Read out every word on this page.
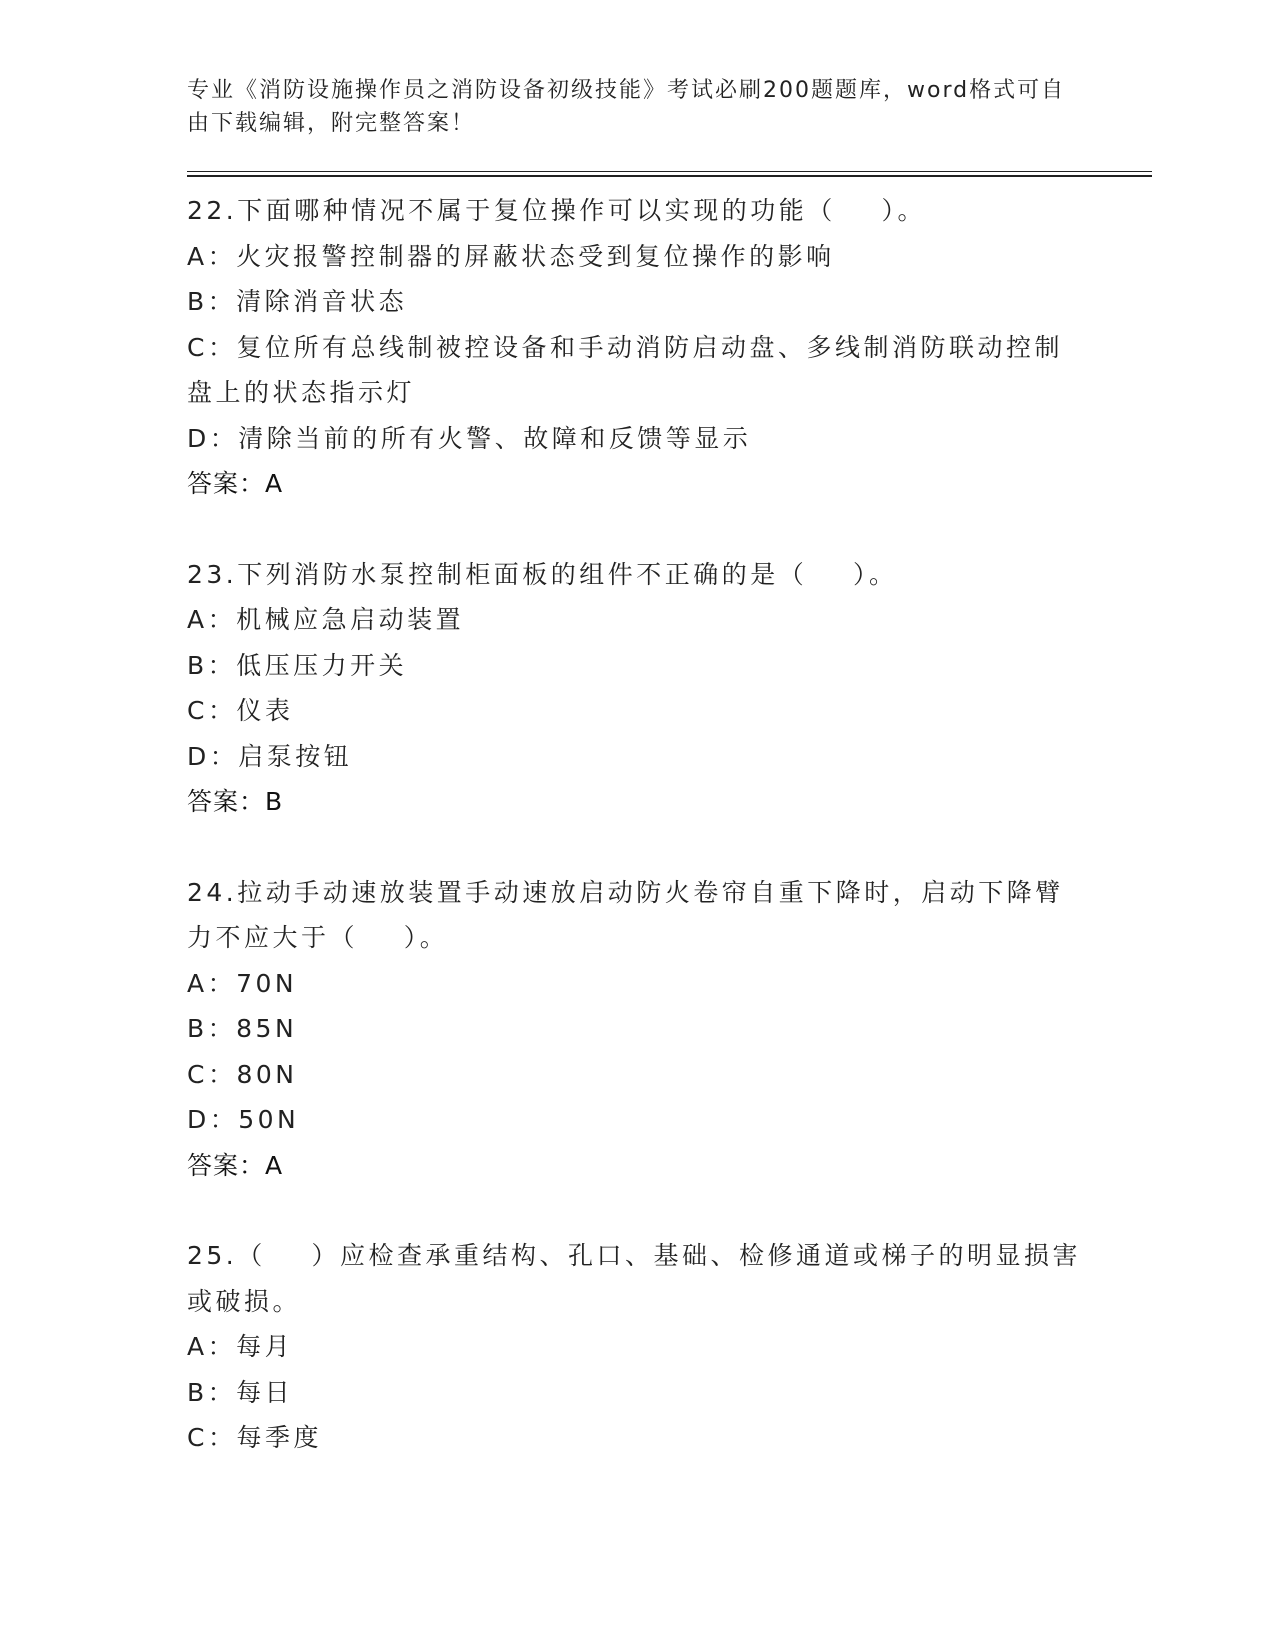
专业《消防设施操作员之消防设备初级技能》考试必刷200题题库，word格式可自由下载编辑，附完整答案！
22.下面哪种情况不属于复位操作可以实现的功能（    ）。
A：火灾报警控制器的屏蔽状态受到复位操作的影响
B：清除消音状态
C：复位所有总线制被控设备和手动消防启动盘、多线制消防联动控制
盘上的状态指示灯
D：清除当前的所有火警、故障和反馈等显示
答案：A
23.下列消防水泵控制柜面板的组件不正确的是（    ）。
A：机械应急启动装置
B：低压压力开关
C：仪表
D：启泵按钮
答案：B
24.拉动手动速放装置手动速放启动防火卷帘自重下降时，启动下降臂
力不应大于（    ）。
A：70N
B：85N
C：80N
D：50N
答案：A
25.（    ）应检查承重结构、孔口、基础、检修通道或梯子的明显损害
或破损。
A：每月
B：每日
C：每季度
